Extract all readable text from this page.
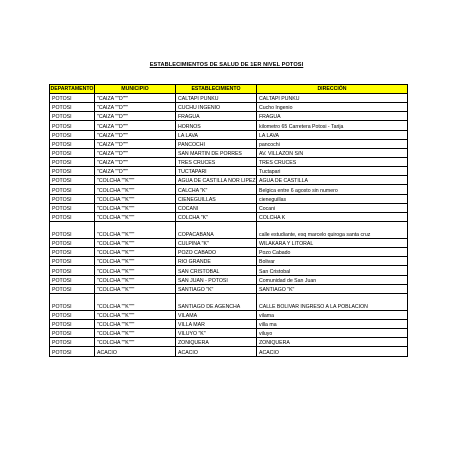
ESTABLECIMIENTOS DE SALUD DE 1ER NIVEL POTOSI
DEPARTAMENTO	MUNICIPIO	ESTABLECIMIENTO	DIRECCIÓN
POTOSI	"CAIZA ""D"""	CALTAPI PUNKU	CALTAPI PUNKU
POTOSI	"CAIZA ""D"""	CUCHU INGENIO	Cucho Ingenio
POTOSI	"CAIZA ""D"""	FRAGUA	FRAGUA
POTOSI	"CAIZA ""D"""	HORNOS	kilometro 65 Carretera Potosi - Tarija
POTOSI	"CAIZA ""D"""	LA LAVA	LA LAVA
POTOSI	"CAIZA ""D"""	PANCOCHI	pancochi
POTOSI	"CAIZA ""D"""	SAN MARTIN DE PORRES	AV. VILLAZON S/N
POTOSI	"CAIZA ""D"""	TRES CRUCES	TRES CRUCES
POTOSI	"CAIZA ""D"""	TUCTAPARI	Tuctapari
POTOSI	"COLCHA ""K"""	AGUA DE CASTILLA NOR LIPEZ	AGUA DE CASTILLA
POTOSI	"COLCHA ""K"""	CALCHA "K"	Belgica entre 6 agosto sin numero
POTOSI	"COLCHA ""K"""	CIENEGUILLAS	cieneguillas
POTOSI	"COLCHA ""K"""	COCANI	Cocani
POTOSI	"COLCHA ""K"""	COLCHA "K"	COLCHA K
POTOSI	"COLCHA ""K"""	COPACABANA	calle estudiante, esq marcelo quiroga santa cruz
POTOSI	"COLCHA ""K"""	CULPINA "K"	WILAKARA Y LITORAL
POTOSI	"COLCHA ""K"""	POZO CABADO	Pozo Cabado
POTOSI	"COLCHA ""K"""	RIO GRANDE	Bolivar
POTOSI	"COLCHA ""K"""	SAN CRISTOBAL	San Cristobal
POTOSI	"COLCHA ""K"""	SAN JUAN - POTOSI	Comunidad de San Juan
POTOSI	"COLCHA ""K"""	SANTIAGO "K"	SANTIAGO "K"
POTOSI	"COLCHA ""K"""	SANTIAGO DE AGENCHA	CALLE BOLIVAR INGRESO A LA POBLACION
POTOSI	"COLCHA ""K"""	VILAMA	vilama
POTOSI	"COLCHA ""K"""	VILLA MAR	villa ma
POTOSI	"COLCHA ""K"""	VILUYO "K"	viluyo
POTOSI	"COLCHA ""K"""	ZONIQUERA	ZONIQUERA
POTOSI	ACACIO	ACACIO	ACACIO
